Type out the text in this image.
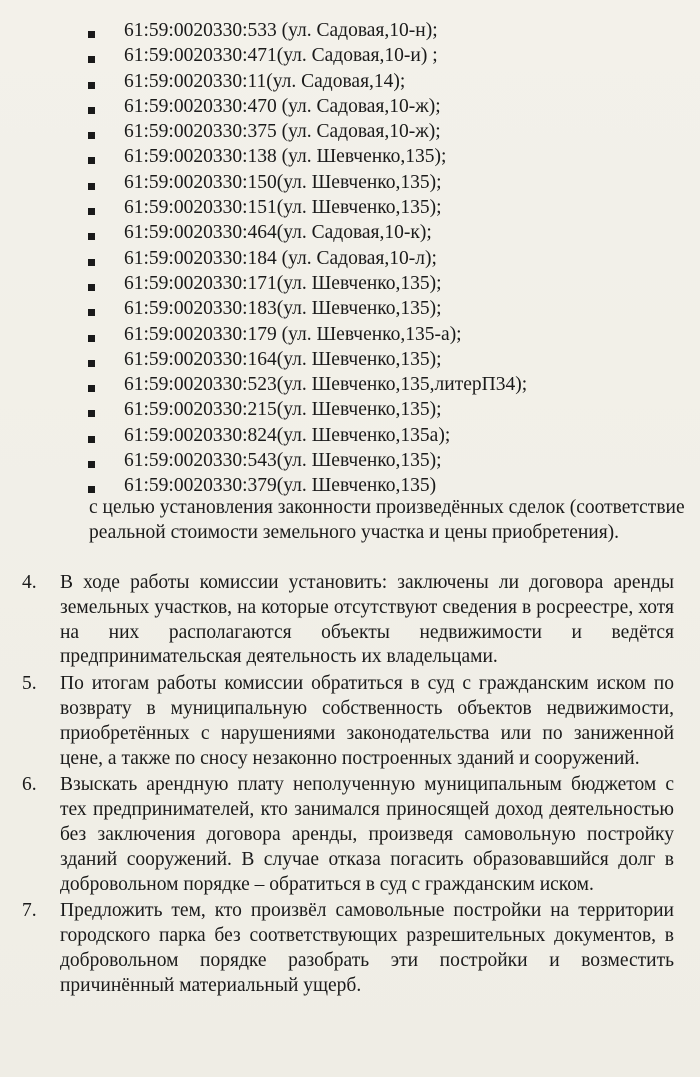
61:59:0020330:533 (ул. Садовая,10-н);
61:59:0020330:471(ул. Садовая,10-и) ;
61:59:0020330:11(ул. Садовая,14);
61:59:0020330:470 (ул. Садовая,10-ж);
61:59:0020330:375 (ул. Садовая,10-ж);
61:59:0020330:138 (ул. Шевченко,135);
61:59:0020330:150(ул. Шевченко,135);
61:59:0020330:151(ул. Шевченко,135);
61:59:0020330:464(ул. Садовая,10-к);
61:59:0020330:184 (ул. Садовая,10-л);
61:59:0020330:171(ул. Шевченко,135);
61:59:0020330:183(ул. Шевченко,135);
61:59:0020330:179 (ул. Шевченко,135-а);
61:59:0020330:164(ул. Шевченко,135);
61:59:0020330:523(ул. Шевченко,135,литерП34);
61:59:0020330:215(ул. Шевченко,135);
61:59:0020330:824(ул. Шевченко,135а);
61:59:0020330:543(ул. Шевченко,135);
61:59:0020330:379(ул. Шевченко,135)
с целью установления законности произведённых сделок (соответствие реальной стоимости земельного участка и цены приобретения).
4. В ходе работы комиссии установить: заключены ли договора аренды земельных участков, на которые отсутствуют сведения в росреестре, хотя на них располагаются объекты недвижимости и ведётся предпринимательская деятельность их владельцами.
5. По итогам работы комиссии обратиться в суд с гражданским иском по возврату в муниципальную собственность объектов недвижимости, приобретённых с нарушениями законодательства или по заниженной цене, а также по сносу незаконно построенных зданий и сооружений.
6. Взыскать арендную плату неполученную муниципальным бюджетом с тех предпринимателей, кто занимался приносящей доход деятельностью без заключения договора аренды, произведя самовольную постройку зданий сооружений. В случае отказа погасить образовавшийся долг в добровольном порядке – обратиться в суд с гражданским иском.
7. Предложить тем, кто произвёл самовольные постройки на территории городского парка без соответствующих разрешительных документов, в добровольном порядке разобрать эти постройки и возместить причинённый материальный ущерб.
